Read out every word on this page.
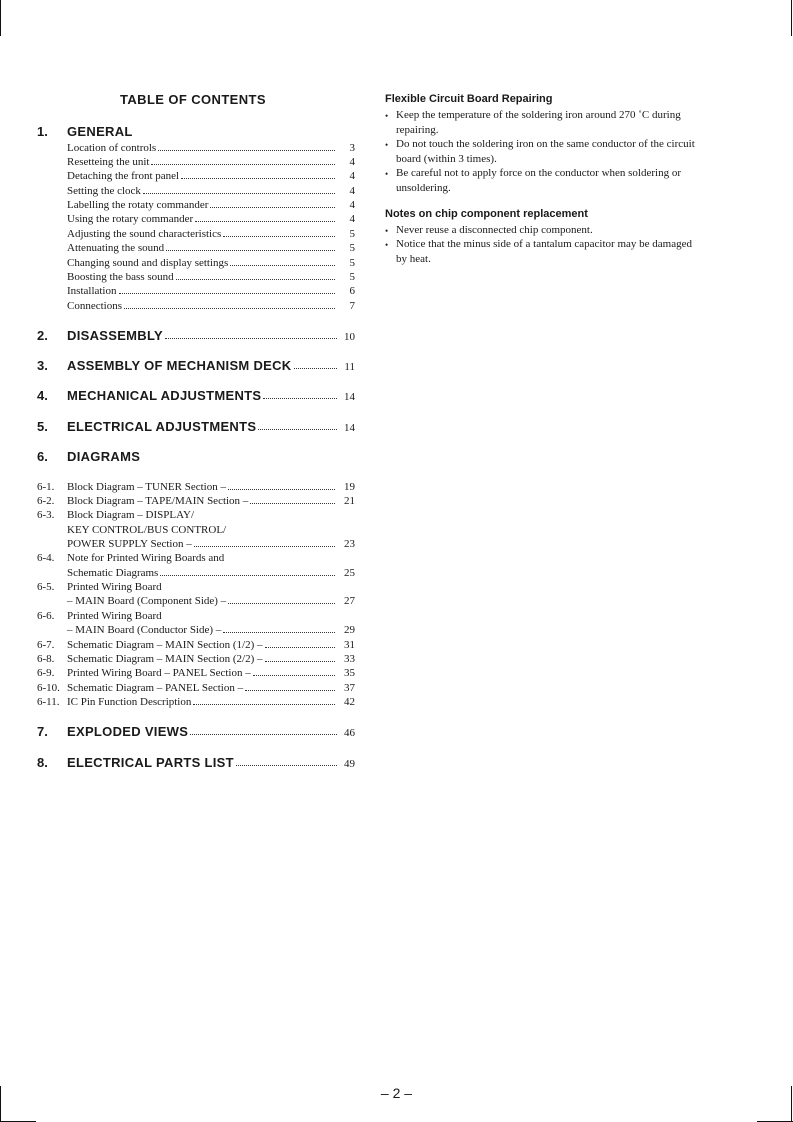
TABLE OF CONTENTS
1.	GENERAL
Location of controls	3
Resetteing the unit	4
Detaching the front panel	4
Setting the clock	4
Labelling the rotaty commander	4
Using the rotary commander	4
Adjusting the sound characteristics	5
Attenuating the sound	5
Changing sound and display settings	5
Boosting the bass sound	5
Installation	6
Connections	7
2.	DISASSEMBLY	10
3.	ASSEMBLY OF MECHANISM DECK	11
4.	MECHANICAL ADJUSTMENTS	14
5.	ELECTRICAL ADJUSTMENTS	14
6.	DIAGRAMS
6-1.	Block Diagram – TUNER Section –	19
6-2.	Block Diagram – TAPE/MAIN Section –	21
6-3.	Block Diagram – DISPLAY/
KEY CONTROL/BUS CONTROL/
POWER SUPPLY Section –	23
6-4.	Note for Printed Wiring Boards and
Schematic Diagrams	25
6-5.	Printed Wiring Board
– MAIN Board (Component Side) –	27
6-6.	Printed Wiring Board
– MAIN Board (Conductor Side) –	29
6-7.	Schematic Diagram – MAIN Section (1/2) –	31
6-8.	Schematic Diagram – MAIN Section (2/2) –	33
6-9.	Printed Wiring Board – PANEL Section –	35
6-10. Schematic Diagram – PANEL Section –	37
6-11. IC Pin Function Description	42
7.	EXPLODED VIEWS	46
8.	ELECTRICAL PARTS LIST	49
Flexible Circuit Board Repairing
• Keep the temperature of the soldering iron around 270 ˚C during repairing.
• Do not touch the soldering iron on the same conductor of the circuit board (within 3 times).
• Be careful not to apply force on the conductor when soldering or unsoldering.
Notes on chip component replacement
• Never reuse a disconnected chip component.
• Notice that the minus side of a tantalum capacitor may be damaged by heat.
– 2 –
